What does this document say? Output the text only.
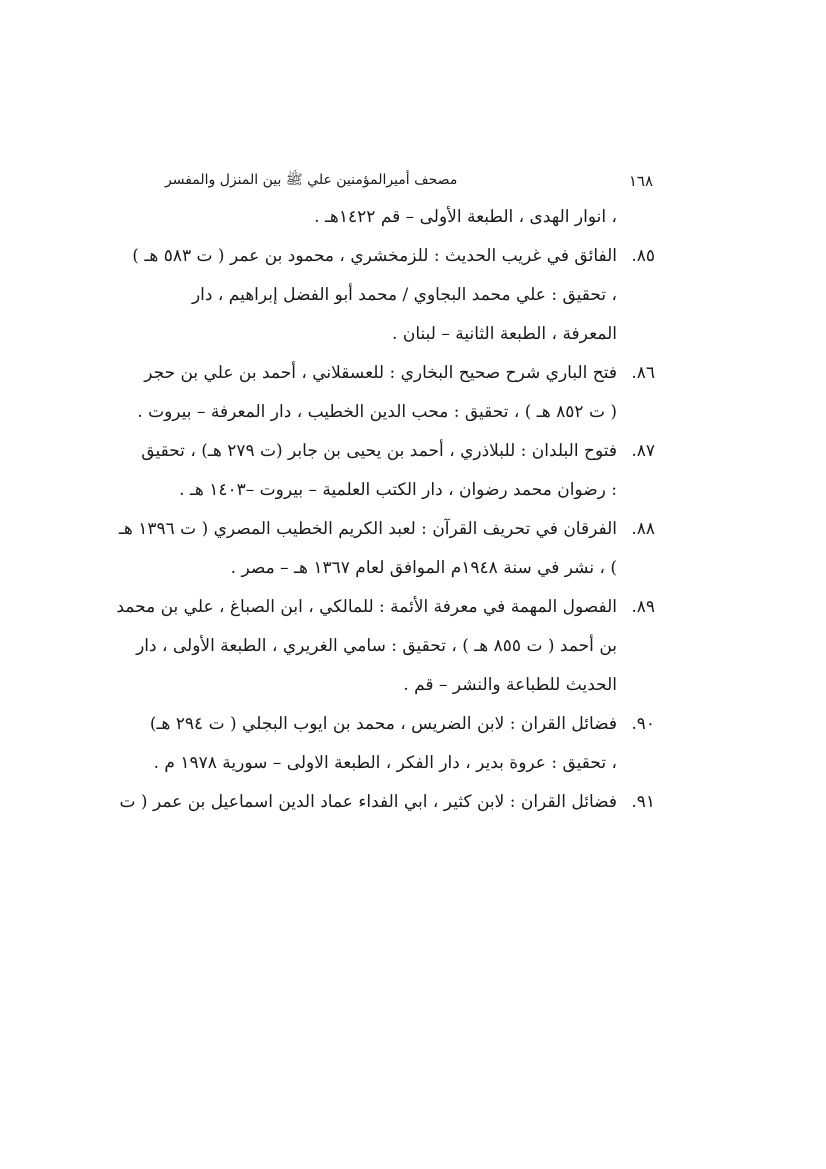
١٦٨
مصحف أميرالمؤمنين علي ﷺ بين المنزل والمفسر
، انوار الهدى ، الطبعة الأولى – قم ١٤٢٢هـ .
٨٥.الفائق في غريب الحديث : للزمخشري ، محمود بن عمر ( ت ٥٨٣ هـ )
، تحقيق : علي محمد البجاوي / محمد أبو الفضل إبراهيم ، دار
المعرفة ، الطبعة الثانية – لبنان .
٨٦.فتح الباري شرح صحيح البخاري : للعسقلاني ، أحمد بن علي بن حجر
( ت ٨٥٢ هـ ) ، تحقيق : محب الدين الخطيب ، دار المعرفة – بيروت .
٨٧.فتوح البلدان : للبلاذري ، أحمد بن يحيى بن جابر (ت ٢٧٩ هـ) ، تحقيق
: رضوان محمد رضوان ، دار الكتب العلمية – بيروت –١٤٠٣ هـ .
٨٨.الفرقان في تحريف القرآن : لعبد الكريم الخطيب المصري ( ت ١٣٩٦ هـ
) ، نشر في سنة ١٩٤٨م الموافق لعام ١٣٦٧ هـ – مصر .
٨٩.الفصول المهمة في معرفة الأئمة : للمالكي ، ابن الصباغ ، علي بن محمد
بن أحمد ( ت ٨٥٥ هـ ) ، تحقيق : سامي الغريري ، الطبعة الأولى ، دار
الحديث للطباعة والنشر – قم .
٩٠.فضائل القران : لابن الضريس ، محمد بن ايوب البجلي ( ت ٢٩٤ هـ)
، تحقيق : عروة بدير ، دار الفكر ، الطبعة الاولى – سورية ١٩٧٨ م .
٩١.فضائل القران : لابن كثير ، ابي الفداء عماد الدين اسماعيل بن عمر ( ت
